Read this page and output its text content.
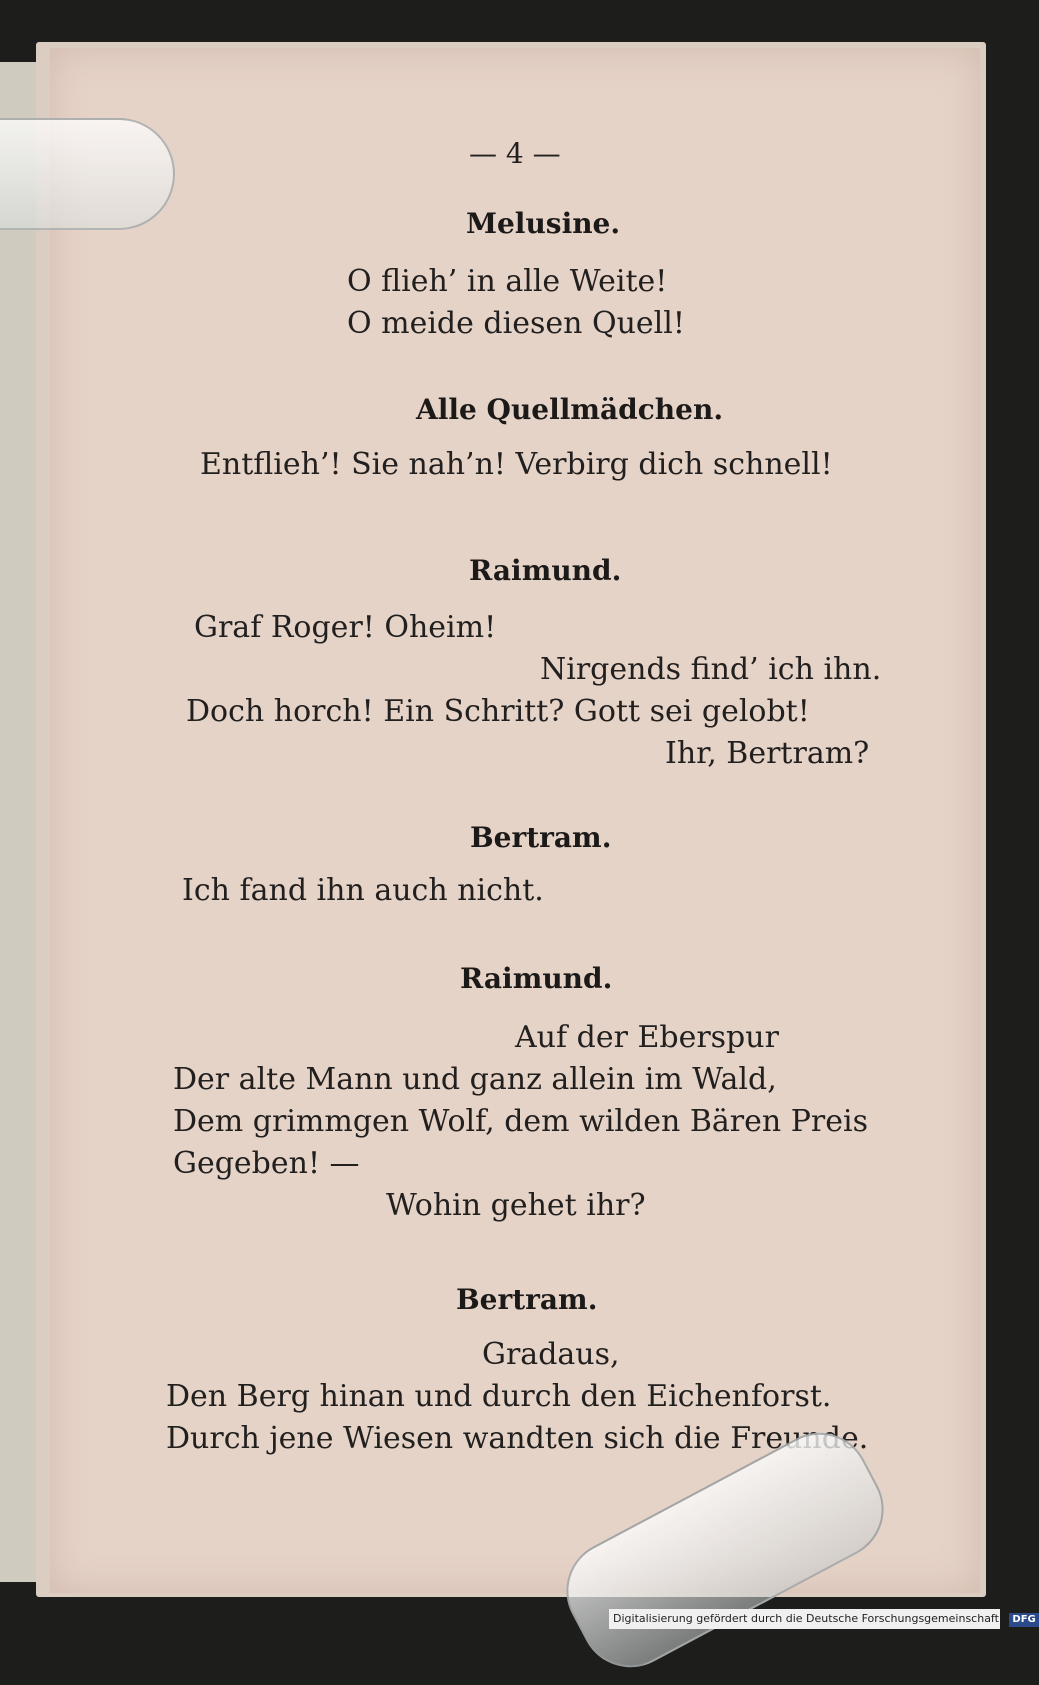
— 4 —
Melusine.
O flieh’ in alle Weite!
O meide diesen Quell!
Alle Quellmädchen.
Entflieh’! Sie nah’n! Verbirg dich schnell!
Raimund.
Graf Roger! Oheim!
Nirgends find’ ich ihn.
Doch horch! Ein Schritt? Gott sei gelobt!
Ihr, Bertram?
Bertram.
Ich fand ihn auch nicht.
Raimund.
Auf der Eberspur
Der alte Mann und ganz allein im Wald,
Dem grimmgen Wolf, dem wilden Bären Preis
Gegeben! —
Wohin gehet ihr?
Bertram.
Gradaus,
Den Berg hinan und durch den Eichenforst.
Durch jene Wiesen wandten sich die Freunde.
Digitalisierung gefördert durch die Deutsche Forschungsgemeinschaft - DFG
